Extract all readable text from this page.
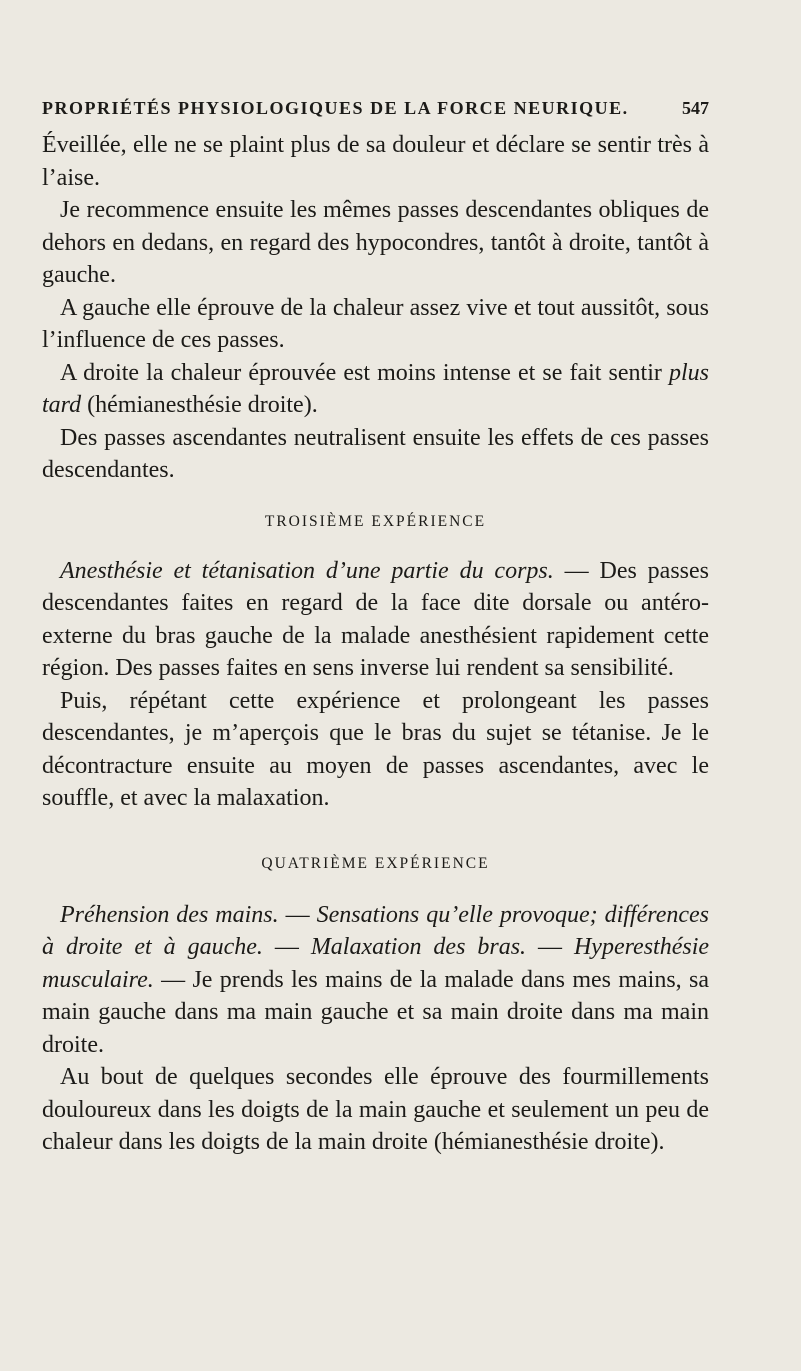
PROPRIÉTÉS PHYSIOLOGIQUES DE LA FORCE NEURIQUE.	547

Éveillée, elle ne se plaint plus de sa douleur et déclare se sentir très à l’aise.

Je recommence ensuite les mêmes passes descendantes obliques de dehors en dedans, en regard des hypocondres, tantôt à droite, tantôt à gauche.

A gauche elle éprouve de la chaleur assez vive et tout aussitôt, sous l’influence de ces passes.

A droite la chaleur éprouvée est moins intense et se fait sentir plus tard (hémianesthésie droite).

Des passes ascendantes neutralisent ensuite les effets de ces passes descendantes.

TROISIÈME EXPÉRIENCE

Anesthésie et tétanisation d’une partie du corps. — Des passes descendantes faites en regard de la face dite dorsale ou antéro-externe du bras gauche de la malade anesthésient rapidement cette région. Des passes faites en sens inverse lui rendent sa sensibilité.

Puis, répétant cette expérience et prolongeant les passes descendantes, je m’aperçois que le bras du sujet se tétanise. Je le décontracture ensuite au moyen de passes ascendantes, avec le souffle, et avec la malaxation.

QUATRIÈME EXPÉRIENCE

Préhension des mains. — Sensations qu’elle provoque; différences à droite et à gauche. — Malaxation des bras. — Hyperesthésie musculaire. — Je prends les mains de la malade dans mes mains, sa main gauche dans ma main gauche et sa main droite dans ma main droite.

Au bout de quelques secondes elle éprouve des fourmillements douloureux dans les doigts de la main gauche et seulement un peu de chaleur dans les doigts de la main droite (hémianesthésie droite).
